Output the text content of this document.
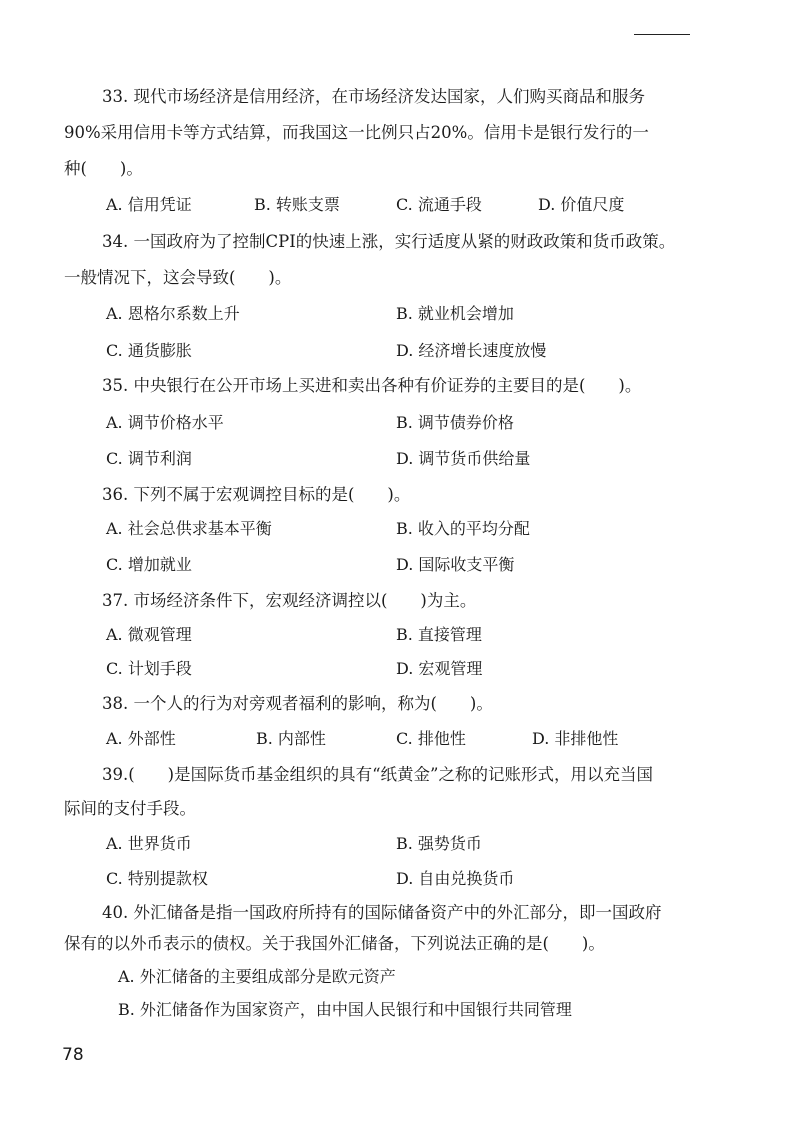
33. 现代市场经济是信用经济，在市场经济发达国家，人们购买商品和服务
90%采用信用卡等方式结算，而我国这一比例只占20%。信用卡是银行发行的一
种(　　)。
A. 信用凭证	B. 转账支票	C. 流通手段	D. 价值尺度
34. 一国政府为了控制CPI的快速上涨，实行适度从紧的财政政策和货币政策。
一般情况下，这会导致(　　)。
A. 恩格尔系数上升	B. 就业机会增加
C. 通货膨胀	D. 经济增长速度放慢
35. 中央银行在公开市场上买进和卖出各种有价证券的主要目的是(　　)。
A. 调节价格水平	B. 调节债券价格
C. 调节利润	D. 调节货币供给量
36. 下列不属于宏观调控目标的是(　　)。
A. 社会总供求基本平衡	B. 收入的平均分配
C. 增加就业	D. 国际收支平衡
37. 市场经济条件下，宏观经济调控以(　　)为主。
A. 微观管理	B. 直接管理
C. 计划手段	D. 宏观管理
38. 一个人的行为对旁观者福利的影响，称为(　　)。
A. 外部性	B. 内部性	C. 排他性	D. 非排他性
39.(　　)是国际货币基金组织的具有“纸黄金”之称的记账形式，用以充当国
际间的支付手段。
A. 世界货币	B. 强势货币
C. 特别提款权	D. 自由兑换货币
40. 外汇储备是指一国政府所持有的国际储备资产中的外汇部分，即一国政府
保有的以外币表示的债权。关于我国外汇储备，下列说法正确的是(　　)。
A. 外汇储备的主要组成部分是欧元资产
B. 外汇储备作为国家资产，由中国人民银行和中国银行共同管理
78
